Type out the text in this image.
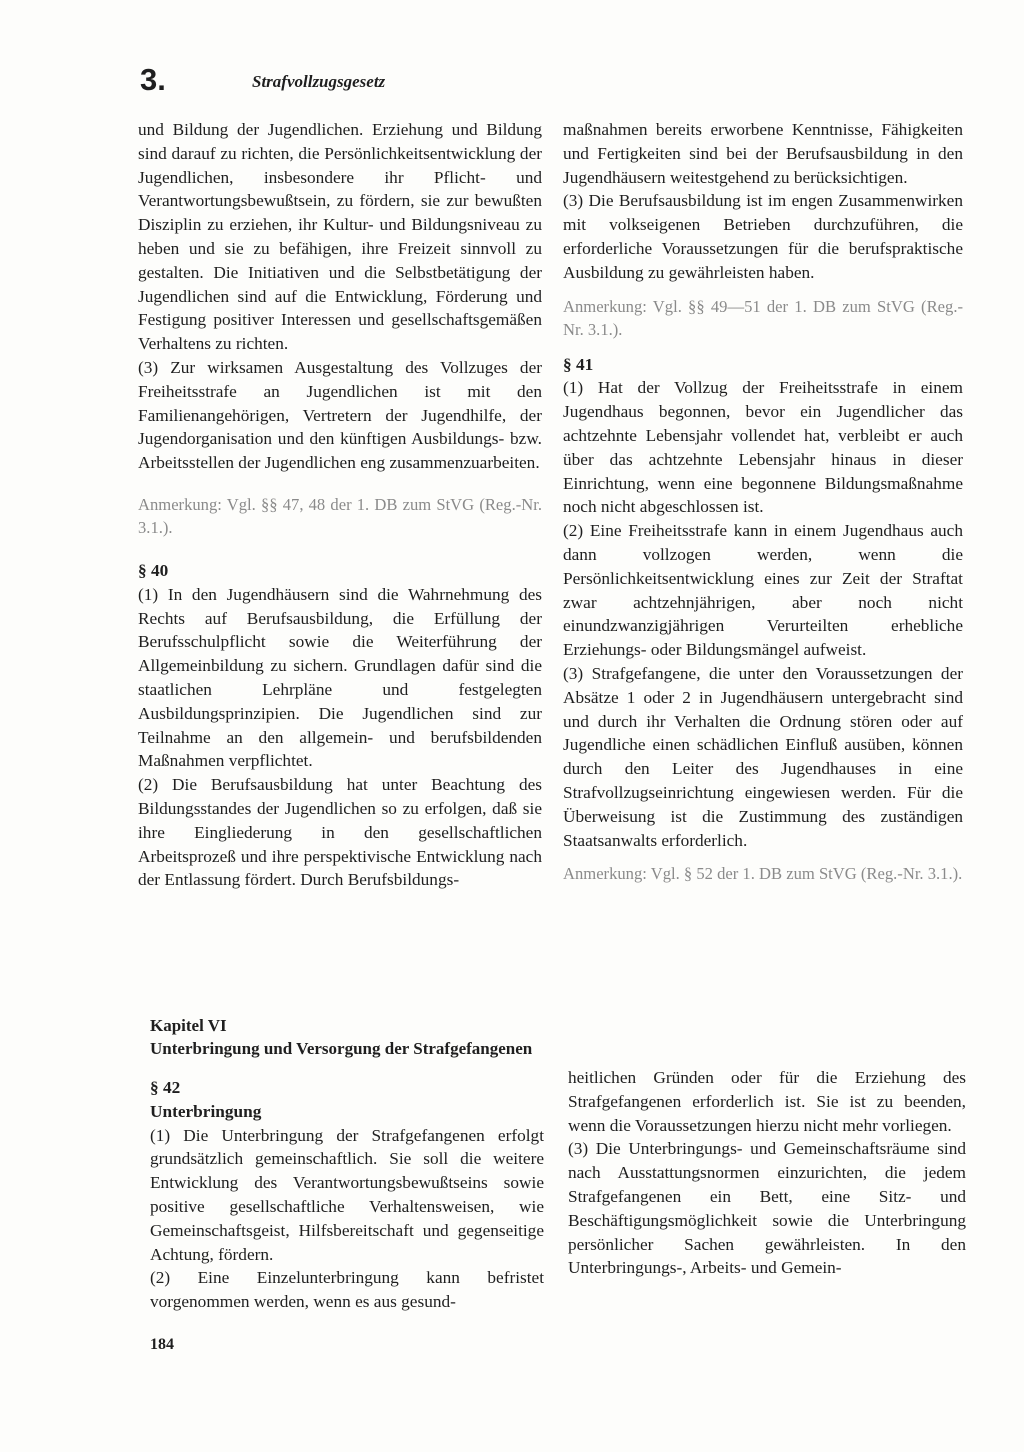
3.	Strafvollzugsgesetz

und Bildung der Jugendlichen. Erziehung und Bildung sind darauf zu richten, die Persönlichkeitsentwicklung der Jugendlichen, insbesondere ihr Pflicht- und Verantwortungsbewußtsein, zu fördern, sie zur bewußten Disziplin zu erziehen, ihr Kultur- und Bildungsniveau zu heben und sie zu befähigen, ihre Freizeit sinnvoll zu gestalten. Die Initiativen und die Selbstbetätigung der Jugendlichen sind auf die Entwicklung, Förderung und Festigung positiver Interessen und gesellschaftsgemäßen Verhaltens zu richten.

(3) Zur wirksamen Ausgestaltung des Vollzuges der Freiheitsstrafe an Jugendlichen ist mit den Familienangehörigen, Vertretern der Jugendhilfe, der Jugendorganisation und den künftigen Ausbildungs- bzw. Arbeitsstellen der Jugendlichen eng zusammenzuarbeiten.

Anmerkung: Vgl. §§ 47, 48 der 1. DB zum StVG (Reg.-Nr. 3.1.).

§ 40

(1) In den Jugendhäusern sind die Wahrnehmung des Rechts auf Berufsausbildung, die Erfüllung der Berufsschulpflicht sowie die Weiterführung der Allgemeinbildung zu sichern. Grundlagen dafür sind die staatlichen Lehrpläne und festgelegten Ausbildungsprinzipien. Die Jugendlichen sind zur Teilnahme an den allgemein- und berufsbildenden Maßnahmen verpflichtet.

(2) Die Berufsausbildung hat unter Beachtung des Bildungsstandes der Jugendlichen so zu erfolgen, daß sie ihre Eingliederung in den gesellschaftlichen Arbeitsprozeß und ihre perspektivische Entwicklung nach der Entlassung fördert. Durch Berufsbildungs-

maßnahmen bereits erworbene Kenntnisse, Fähigkeiten und Fertigkeiten sind bei der Berufsausbildung in den Jugendhäusern weitestgehend zu berücksichtigen.

(3) Die Berufsausbildung ist im engen Zusammenwirken mit volkseigenen Betrieben durchzuführen, die erforderliche Voraussetzungen für die berufspraktische Ausbildung zu gewährleisten haben.

Anmerkung: Vgl. §§ 49—51 der 1. DB zum StVG (Reg.-Nr. 3.1.).

§ 41

(1) Hat der Vollzug der Freiheitsstrafe in einem Jugendhaus begonnen, bevor ein Jugendlicher das achtzehnte Lebensjahr vollendet hat, verbleibt er auch über das achtzehnte Lebensjahr hinaus in dieser Einrichtung, wenn eine begonnene Bildungsmaßnahme noch nicht abgeschlossen ist.

(2) Eine Freiheitsstrafe kann in einem Jugendhaus auch dann vollzogen werden, wenn die Persönlichkeitsentwicklung eines zur Zeit der Straftat zwar achtzehnjährigen, aber noch nicht einundzwanzigjährigen Verurteilten erhebliche Erziehungs- oder Bildungsmängel aufweist.

(3) Strafgefangene, die unter den Voraussetzungen der Absätze 1 oder 2 in Jugendhäusern untergebracht sind und durch ihr Verhalten die Ordnung stören oder auf Jugendliche einen schädlichen Einfluß ausüben, können durch den Leiter des Jugendhauses in eine Strafvollzugseinrichtung eingewiesen werden. Für die Überweisung ist die Zustimmung des zuständigen Staatsanwalts erforderlich.

Anmerkung: Vgl. § 52 der 1. DB zum StVG (Reg.-Nr. 3.1.).

Kapitel VI
Unterbringung und Versorgung der Strafgefangenen

§ 42

Unterbringung

(1) Die Unterbringung der Strafgefangenen erfolgt grundsätzlich gemeinschaftlich. Sie soll die weitere Entwicklung des Verantwortungsbewußtseins sowie positive gesellschaftliche Verhaltensweisen, wie Gemeinschaftsgeist, Hilfsbereitschaft und gegenseitige Achtung, fördern.

(2) Eine Einzelunterbringung kann befristet vorgenommen werden, wenn es aus gesund-

heitlichen Gründen oder für die Erziehung des Strafgefangenen erforderlich ist. Sie ist zu beenden, wenn die Voraussetzungen hierzu nicht mehr vorliegen.

(3) Die Unterbringungs- und Gemeinschaftsräume sind nach Ausstattungsnormen einzurichten, die jedem Strafgefangenen ein Bett, eine Sitz- und Beschäftigungsmöglichkeit sowie die Unterbringung persönlicher Sachen gewährleisten. In den Unterbringungs-, Arbeits- und Gemein-

184
